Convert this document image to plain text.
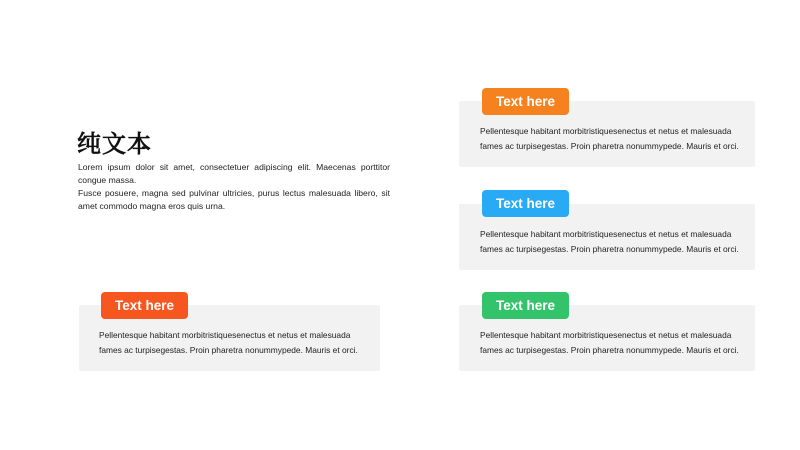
纯文本

Lorem ipsum dolor sit amet, consectetuer adipiscing elit. Maecenas porttitor congue massa.

Fusce posuere, magna sed pulvinar ultricies, purus lectus malesuada libero, sit amet commodo magna eros quis urna.

Pellentesque habitant morbitristiquesenectus et netus et malesuada fames ac turpisegestas. Proin pharetra nonummypede. Mauris et orci.
Text here
Pellentesque habitant morbitristiquesenectus et netus et malesuada fames ac turpisegestas. Proin pharetra nonummypede. Mauris et orci.
Text here
Pellentesque habitant morbitristiquesenectus et netus et malesuada fames ac turpisegestas. Proin pharetra nonummypede. Mauris et orci.
Text here
Pellentesque habitant morbitristiquesenectus et netus et malesuada fames ac turpisegestas. Proin pharetra nonummypede. Mauris et orci.
Text here
